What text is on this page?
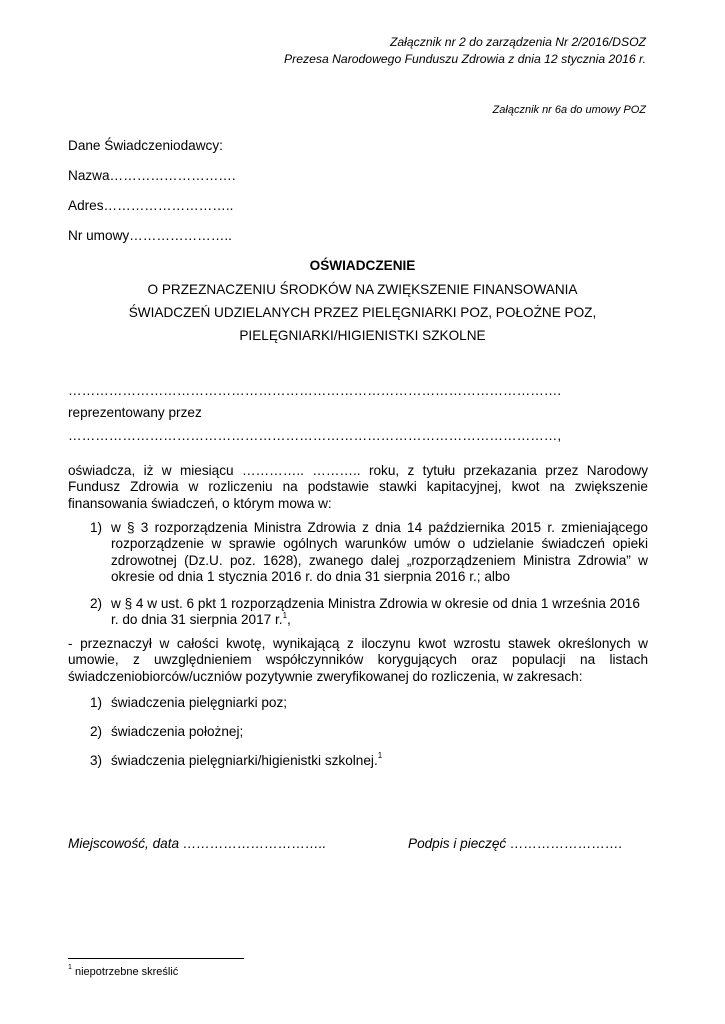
Załącznik nr 2 do zarządzenia Nr 2/2016/DSOZ
Prezesa Narodowego Funduszu Zdrowia z dnia 12 stycznia 2016 r.
Załącznik nr 6a do umowy POZ
Dane Świadczeniodawcy:
Nazwa……………………….
Adres………………………..
Nr umowy…………………..
OŚWIADCZENIE
O PRZEZNACZENIU ŚRODKÓW NA ZWIĘKSZENIE FINANSOWANIA
ŚWIADCZEŃ UDZIELANYCH PRZEZ PIELĘGNIARKI POZ, POŁOŻNE POZ,
PIELĘGNIARKI/HIGIENISTKI SZKOLNE
……………………………………………………………………………………………….
reprezentowany przez
………………………………………………………………………………………………,
oświadcza, iż w miesiącu ………….. ……….. roku, z tytułu przekazania przez Narodowy Fundusz Zdrowia w rozliczeniu na podstawie stawki kapitacyjnej, kwot na zwiększenie finansowania świadczeń, o którym mowa w:
1) w § 3 rozporządzenia Ministra Zdrowia z dnia 14 października 2015 r. zmieniającego rozporządzenie w sprawie ogólnych warunków umów o udzielanie świadczeń opieki zdrowotnej (Dz.U. poz. 1628), zwanego dalej „rozporządzeniem Ministra Zdrowia” w okresie od dnia 1 stycznia 2016 r. do dnia 31 sierpnia 2016 r.; albo
2) w § 4 w ust. 6 pkt 1 rozporządzenia Ministra Zdrowia w okresie od dnia 1 września 2016 r. do dnia 31 sierpnia 2017 r.$^1$,
- przeznaczył w całości kwotę, wynikającą z iloczynu kwot wzrostu stawek określonych w umowie, z uwzględnieniem współczynników korygujących oraz populacji na listach świadczeniobiorców/uczniów pozytywnie zweryfikowanej do rozliczenia, w zakresach:
1) świadczenia pielęgniarki poz;
2) świadczenia położnej;
3) świadczenia pielęgniarki/higienistki szkolnej.$^1$
Miejscowość, data …………………………..	Podpis i pieczęć …………………….
$^1$ niepotrzebne skreślić
